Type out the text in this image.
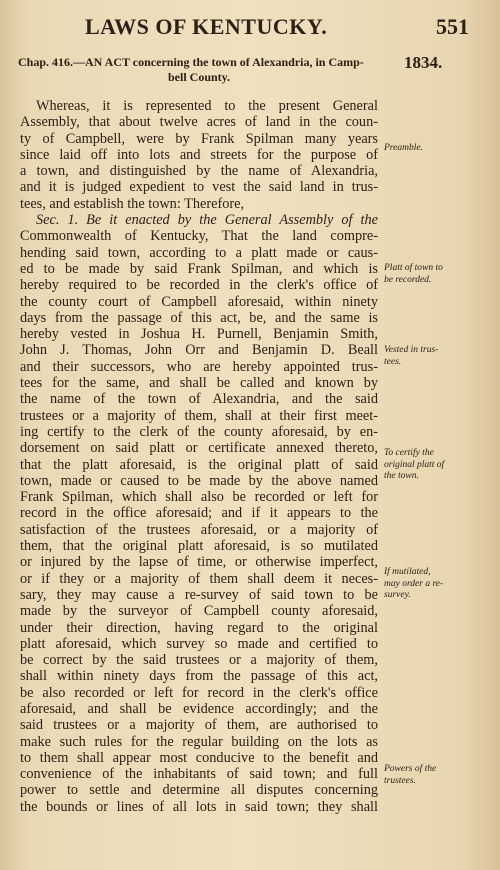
LAWS OF KENTUCKY.	551
Chap. 416.—AN ACT concerning the town of Alexandria, in Camp-
bell County.
1834.
Whereas, it is represented to the present General
Assembly, that about twelve acres of land in the coun-
ty of Campbell, were by Frank Spilman many years
since laid off into lots and streets for the purpose of
a town, and distinguished by the name of Alexandria,
and it is judged expedient to vest the said land in trus-
tees, and establish the town: Therefore,
Sec. 1. Be it enacted by the General Assembly of the
Commonwealth of Kentucky, That the land compre-
hending said town, according to a platt made or caus-
ed to be made by said Frank Spilman, and which is
hereby required to be recorded in the clerk's office of
the county court of Campbell aforesaid, within ninety
days from the passage of this act, be, and the same is
hereby vested in Joshua H. Purnell, Benjamin Smith,
John J. Thomas, John Orr and Benjamin D. Beall
and their successors, who are hereby appointed trus-
tees for the same, and shall be called and known by
the name of the town of Alexandria, and the said
trustees or a majority of them, shall at their first meet-
ing certify to the clerk of the county aforesaid, by en-
dorsement on said platt or certificate annexed thereto,
that the platt aforesaid, is the original platt of said
town, made or caused to be made by the above named
Frank Spilman, which shall also be recorded or left for
record in the office aforesaid; and if it appears to the
satisfaction of the trustees aforesaid, or a majority of
them, that the original platt aforesaid, is so mutilated
or injured by the lapse of time, or otherwise imperfect,
or if they or a majority of them shall deem it neces-
sary, they may cause a re-survey of said town to be
made by the surveyor of Campbell county aforesaid,
under their direction, having regard to the original
platt aforesaid, which survey so made and certified to
be correct by the said trustees or a majority of them,
shall within ninety days from the passage of this act,
be also recorded or left for record in the clerk's office
aforesaid, and shall be evidence accordingly; and the
said trustees or a majority of them, are authorised to
make such rules for the regular building on the lots as
to them shall appear most conducive to the benefit and
convenience of the inhabitants of said town; and full
power to settle and determine all disputes concerning
the bounds or lines of all lots in said town; they shall
Preamble.
Platt of town to
be recorded.
Vested in trus-
tees.
To certify the
original platt of
the town.
If mutilated,
may order a re-
survey.
Powers of the
trustees.
